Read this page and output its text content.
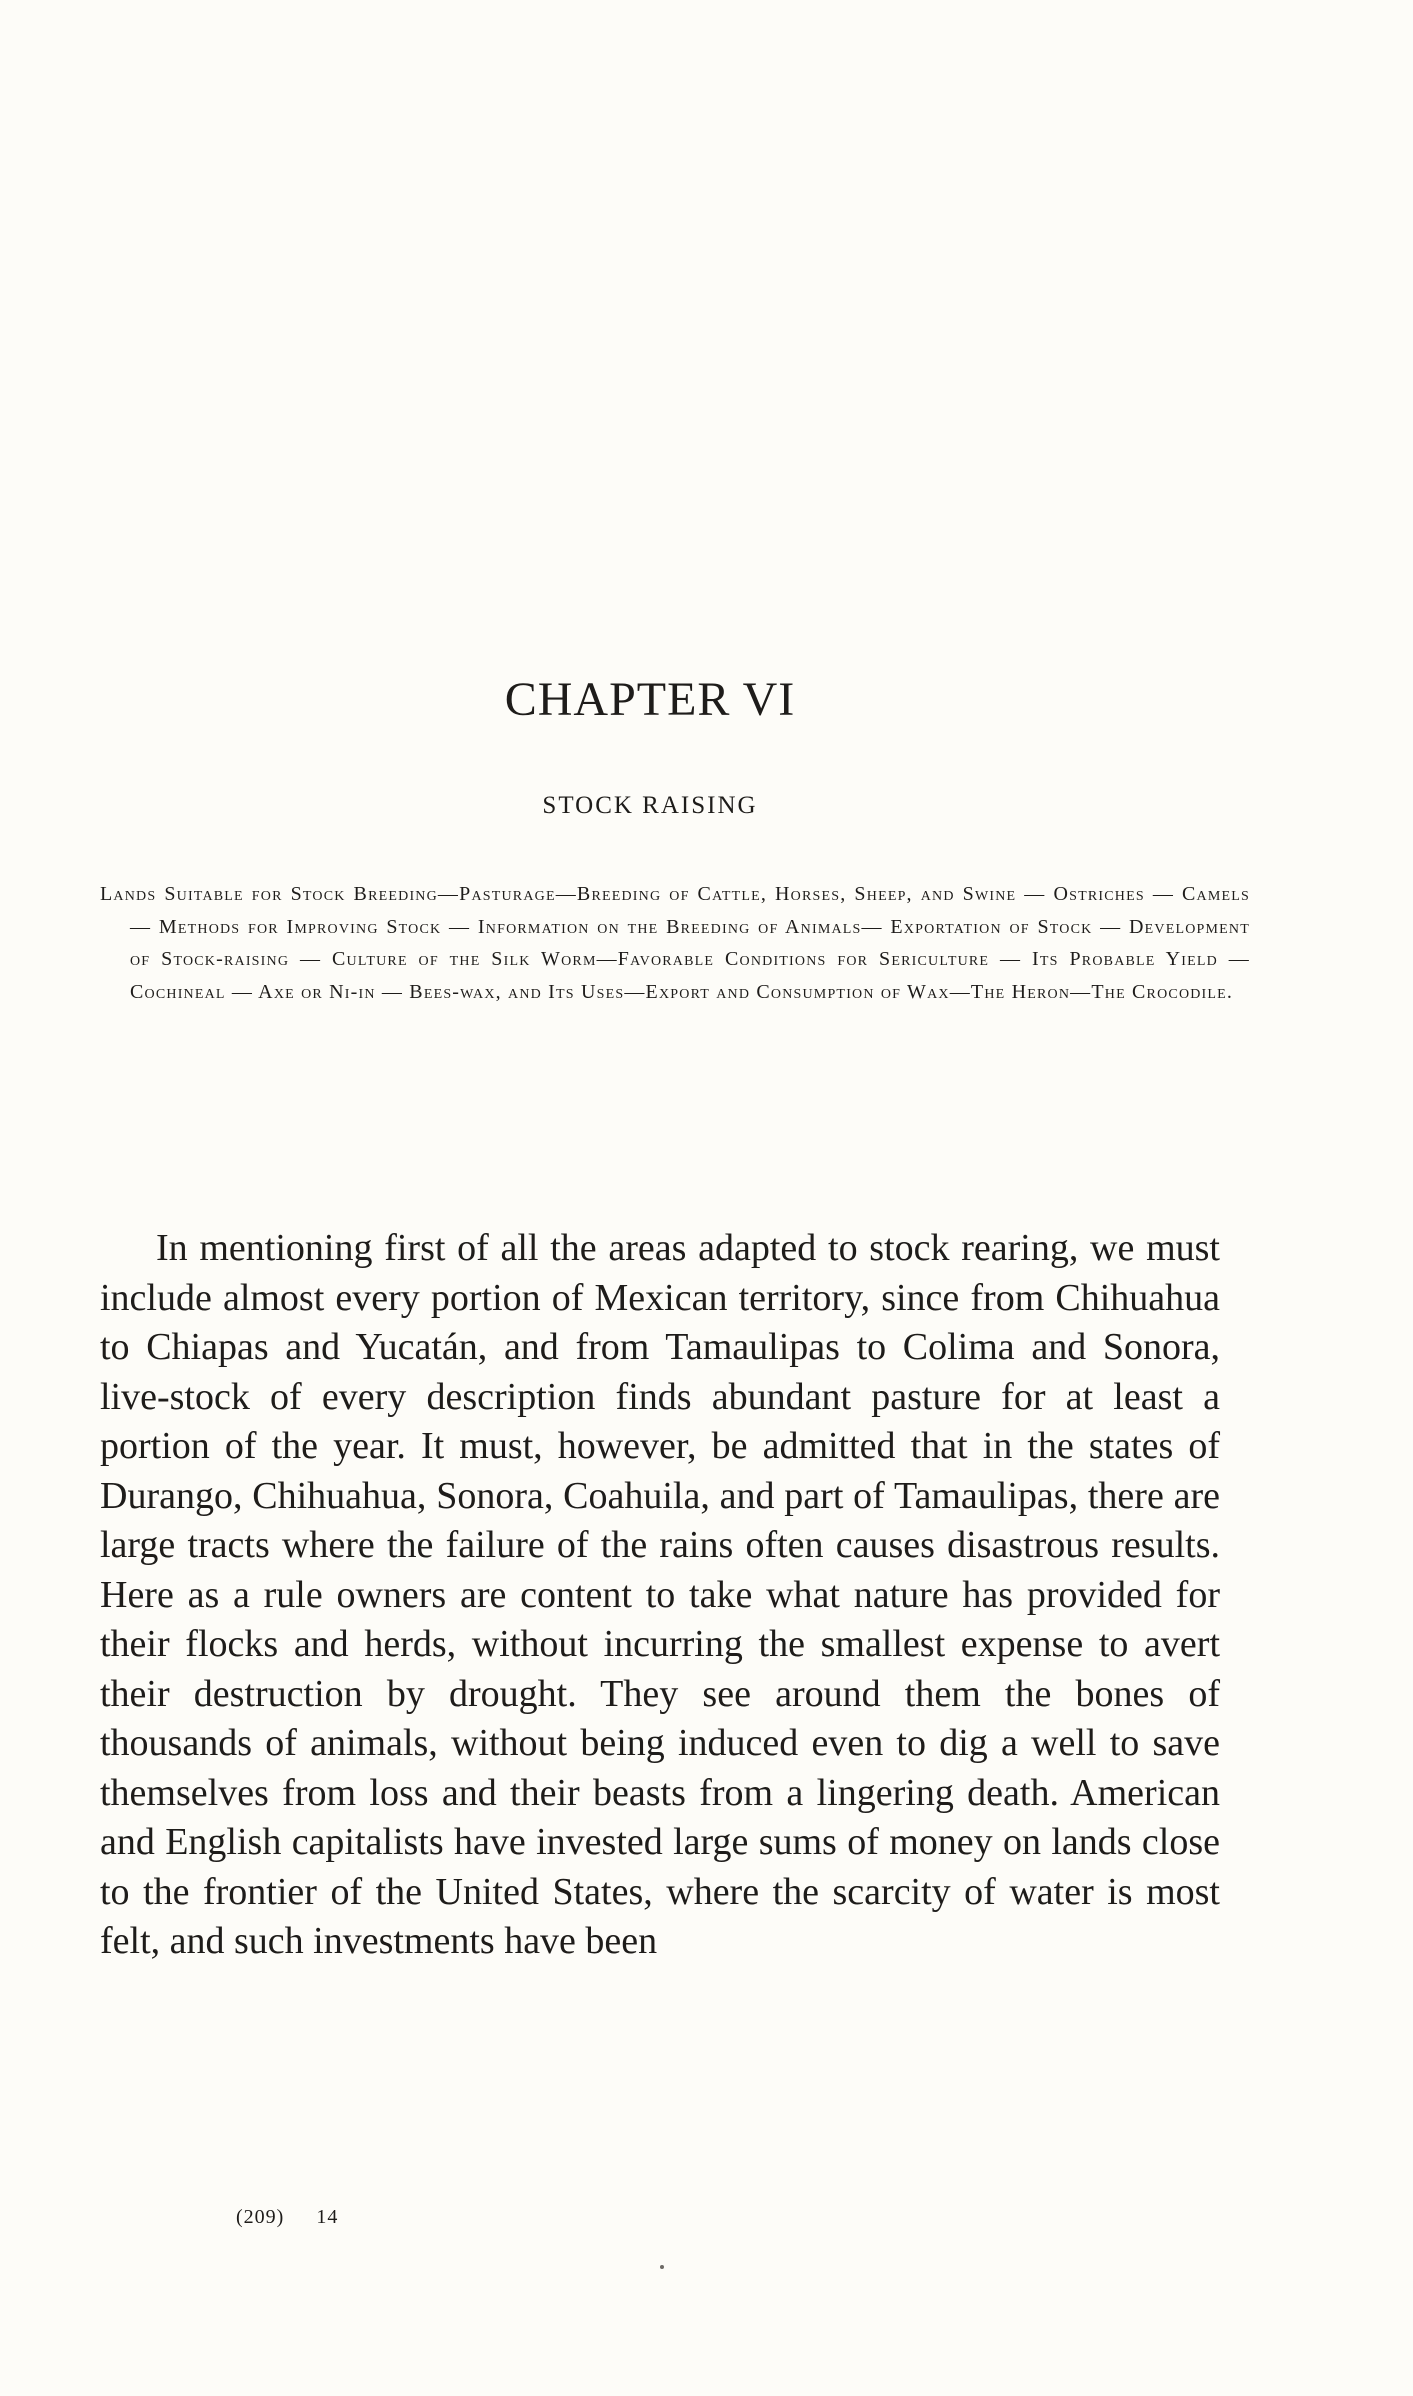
CHAPTER VI
STOCK RAISING

Lands Suitable for Stock Breeding—Pasturage—Breeding of Cattle, Horses, Sheep, and Swine — Ostriches — Camels — Methods for Improving Stock — Information on the Breeding of Animals— Exportation of Stock — Development of Stock-raising — Culture of the Silk Worm—Favorable Conditions for Sericulture — Its Probable Yield — Cochineal — Axe or Ni-in — Bees-wax, and Its Uses—Export and Consumption of Wax—The Heron—The Crocodile.

In mentioning first of all the areas adapted to stock rearing, we must include almost every portion of Mexican territory, since from Chihuahua to Chiapas and Yucatán, and from Tamaulipas to Colima and Sonora, live-stock of every description finds abundant pasture for at least a portion of the year. It must, however, be admitted that in the states of Durango, Chihuahua, Sonora, Coahuila, and part of Tamaulipas, there are large tracts where the failure of the rains often causes disastrous results. Here as a rule owners are content to take what nature has provided for their flocks and herds, without incurring the smallest expense to avert their destruction by drought. They see around them the bones of thousands of animals, without being induced even to dig a well to save themselves from loss and their beasts from a lingering death. American and English capitalists have invested large sums of money on lands close to the frontier of the United States, where the scarcity of water is most felt, and such investments have been

(209) 14
